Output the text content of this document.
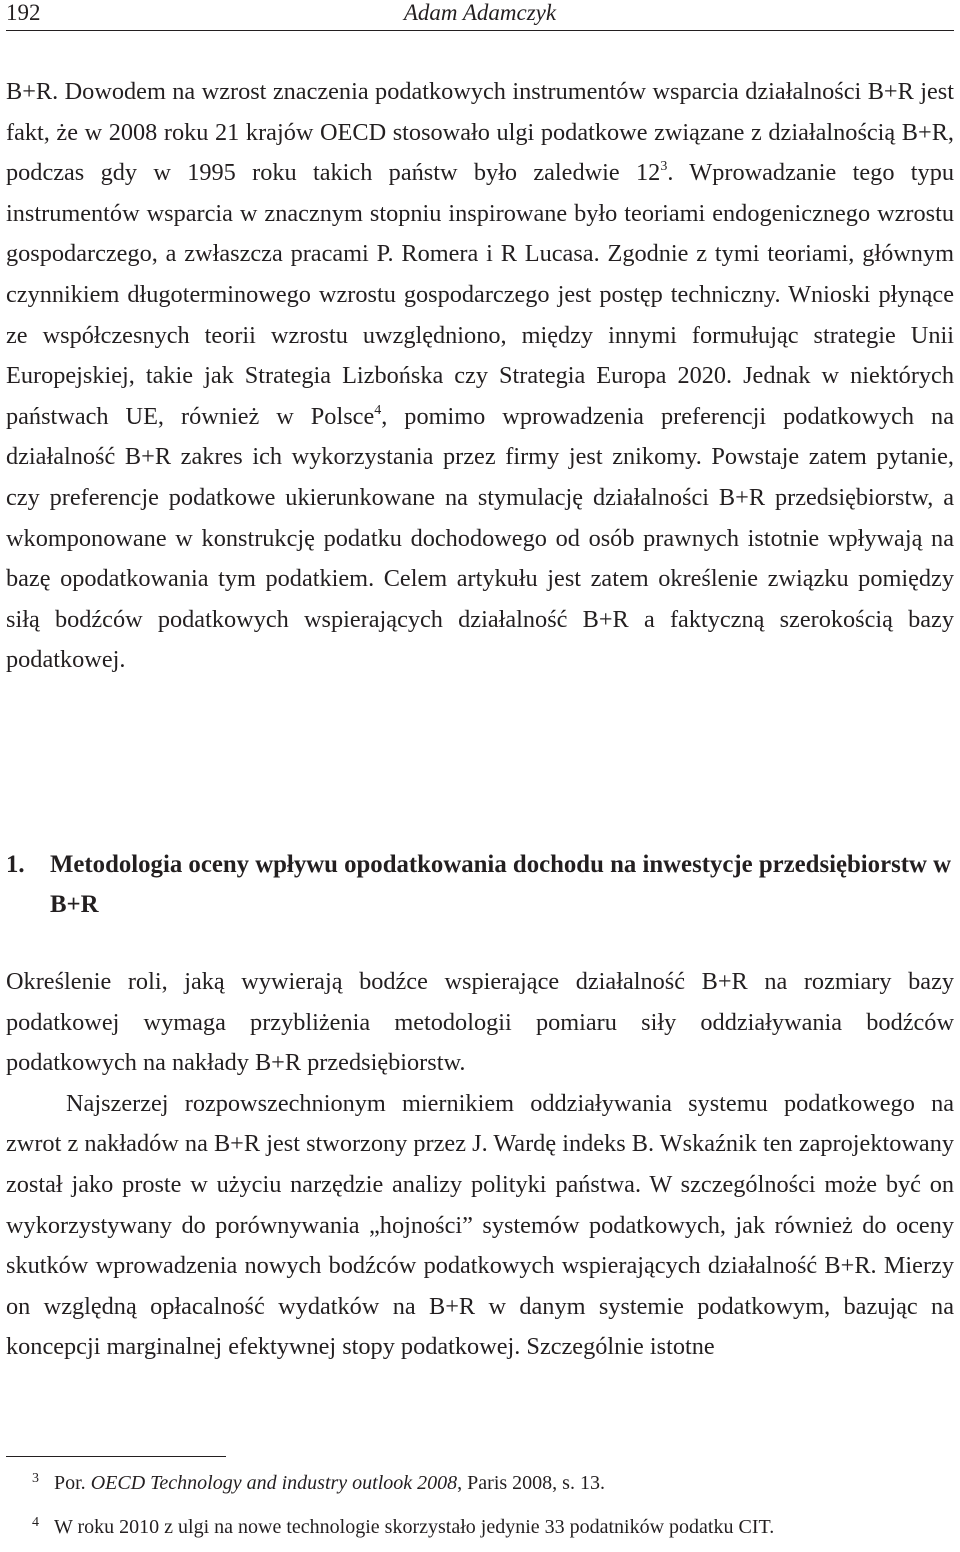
192	Adam Adamczyk

B+R. Dowodem na wzrost znaczenia podatkowych instrumentów wsparcia działalności B+R jest fakt, że w 2008 roku 21 krajów OECD stosowało ulgi podatkowe związane z działalnością B+R, podczas gdy w 1995 roku takich państw było zaledwie $12^3$. Wprowadzanie tego typu instrumentów wsparcia w znacznym stopniu inspirowane było teoriami endogenicznego wzrostu gospodarczego, a zwłaszcza pracami P. Romera i R Lucasa. Zgodnie z tymi teoriami, głównym czynnikiem długoterminowego wzrostu gospodarczego jest postęp techniczny. Wnioski płynące ze współczesnych teorii wzrostu uwzględniono, między innymi formułując strategie Unii Europejskiej, takie jak Strategia Lizbońska czy Strategia Europa 2020. Jednak w niektórych państwach UE, również w Polsce$^4$, pomimo wprowadzenia preferencji podatkowych na działalność B+R zakres ich wykorzystania przez firmy jest znikomy. Powstaje zatem pytanie, czy preferencje podatkowe ukierunkowane na stymulację działalności B+R przedsiębiorstw, a wkomponowane w konstrukcję podatku dochodowego od osób prawnych istotnie wpływają na bazę opodatkowania tym podatkiem. Celem artykułu jest zatem określenie związku pomiędzy siłą bodźców podatkowych wspierających działalność B+R a faktyczną szerokością bazy podatkowej.

1. Metodologia oceny wpływu opodatkowania dochodu na inwestycje przedsiębiorstw w B+R

Określenie roli, jaką wywierają bodźce wspierające działalność B+R na rozmiary bazy podatkowej wymaga przybliżenia metodologii pomiaru siły oddziaływania bodźców podatkowych na nakłady B+R przedsiębiorstw.

Najszerzej rozpowszechnionym miernikiem oddziaływania systemu podatkowego na zwrot z nakładów na B+R jest stworzony przez J. Wardę indeks B. Wskaźnik ten zaprojektowany został jako proste w użyciu narzędzie analizy polityki państwa. W szczególności może być on wykorzystywany do porównywania „hojności” systemów podatkowych, jak również do oceny skutków wprowadzenia nowych bodźców podatkowych wspierających działalność B+R. Mierzy on względną opłacalność wydatków na B+R w danym systemie podatkowym, bazując na koncepcji marginalnej efektywnej stopy podatkowej. Szczególnie istotne

3 Por. OECD Technology and industry outlook 2008, Paris 2008, s. 13.
4 W roku 2010 z ulgi na nowe technologie skorzystało jedynie 33 podatników podatku CIT.
